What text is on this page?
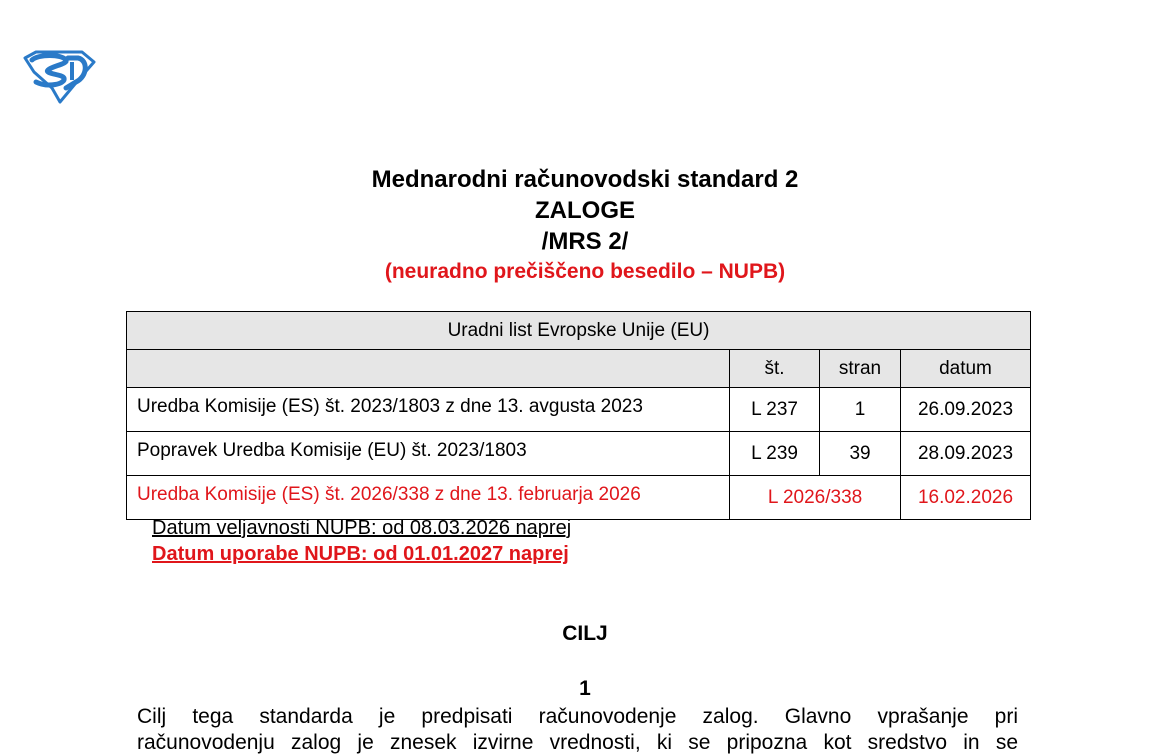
Mednarodni računovodski standard 2
ZALOGE
/MRS 2/
(neuradno prečiščeno besedilo – NUPB)
Uradni list Evropske Unije (EU)			
	št.	stran	datum
Uredba Komisije (ES) št. 2023/1803 z dne 13. avgusta 2023	L 237	1	26.09.2023
Popravek Uredba Komisije (EU) št. 2023/1803	L 239	39	28.09.2023
Uredba Komisije (ES) št. 2026/338 z dne 13. februarja 2026	L 2026/338		16.02.2026
Datum veljavnosti NUPB: od 08.03.2026 naprej
Datum uporabe NUPB: od 01.01.2027 naprej
CILJ
1
Cilj tega standarda je predpisati računovodenje zalog. Glavno vprašanje pri
računovodenju zalog je znesek izvirne vrednosti, ki se pripozna kot sredstvo in se
